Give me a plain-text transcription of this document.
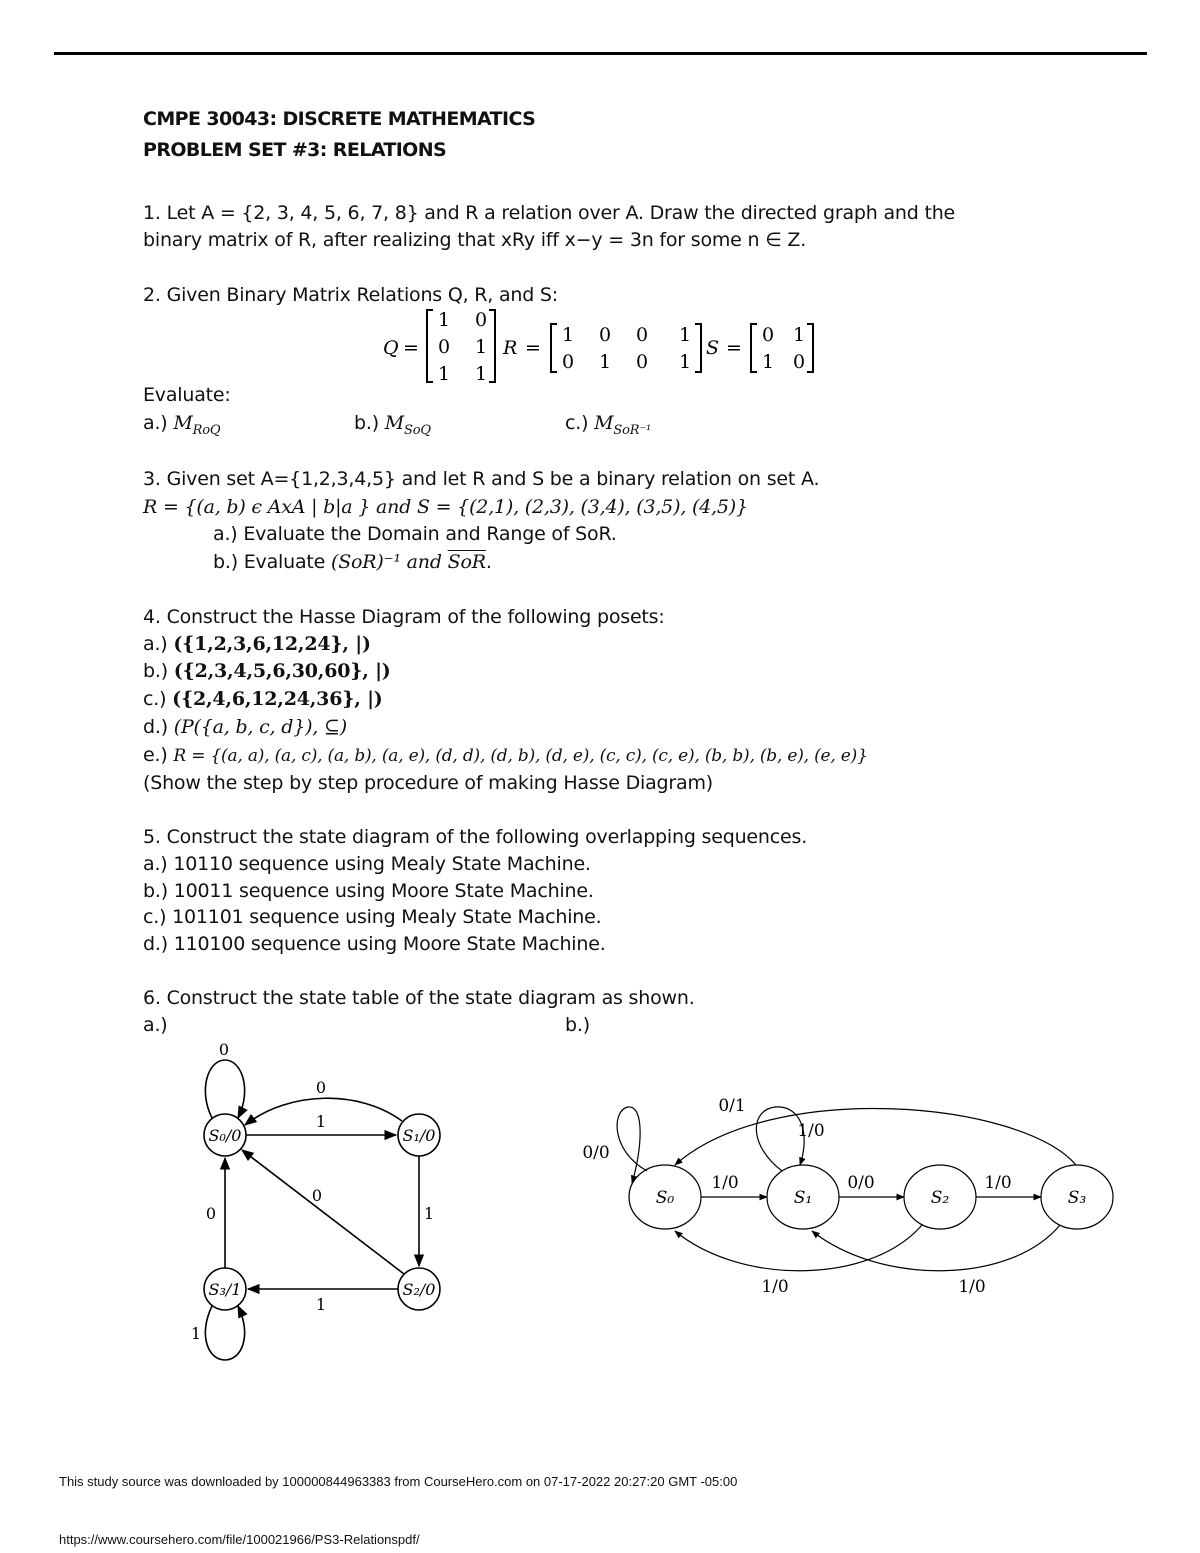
CMPE 30043: DISCRETE MATHEMATICS
PROBLEM SET #3: RELATIONS
1. Let A = {2, 3, 4, 5, 6, 7, 8} and R a relation over A. Draw the directed graph and the
binary matrix of R, after realizing that xRy iff x−y = 3n for some n ∈ Z.
2. Given Binary Matrix Relations Q, R, and S:
Q =
1 0
0 1
1 1
R =
1 0 0 1
0 1 0 1
S =
0 1
1 0
Evaluate:
a.) $M_{RoQ}$	b.) $M_{SoQ}$	c.) $M_{SoR^{-1}}$
3. Given set A={1,2,3,4,5} and let R and S be a binary relation on set A.
R = {(a, b) ϵ AxA | b|a } and S = {(2,1), (2,3), (3,4), (3,5), (4,5)}
a.) Evaluate the Domain and Range of SoR.
b.) Evaluate (SoR)⁻¹ and $\overline{SoR}$.
4. Construct the Hasse Diagram of the following posets:
a.) ({1,2,3,6,12,24}, |)
b.) ({2,3,4,5,6,30,60}, |)
c.) ({2,4,6,12,24,36}, |)
d.) (P({a, b, c, d}), ⊆)
e.) R = {(a, a), (a, c), (a, b), (a, e), (d, d), (d, b), (d, e), (c, c), (c, e), (b, b), (b, e), (e, e)}
(Show the step by step procedure of making Hasse Diagram)
5. Construct the state diagram of the following overlapping sequences.
a.) 10110 sequence using Mealy State Machine.
b.) 10011 sequence using Moore State Machine.
c.) 101101 sequence using Mealy State Machine.
d.) 110100 sequence using Moore State Machine.
6. Construct the state table of the state diagram as shown.
a.)	b.)
S₀/0	S₁/0
S₂/0
S₃/1
0
0
1
1
0
0
1
1
S₀	S₁	S₂	S₃
0/1
1/0
0/0
1/0	0/0	1/0
1/0	1/0
This study source was downloaded by 100000844963383 from CourseHero.com on 07-17-2022 20:27:20 GMT -05:00
https://www.coursehero.com/file/100021966/PS3-Relationspdf/
